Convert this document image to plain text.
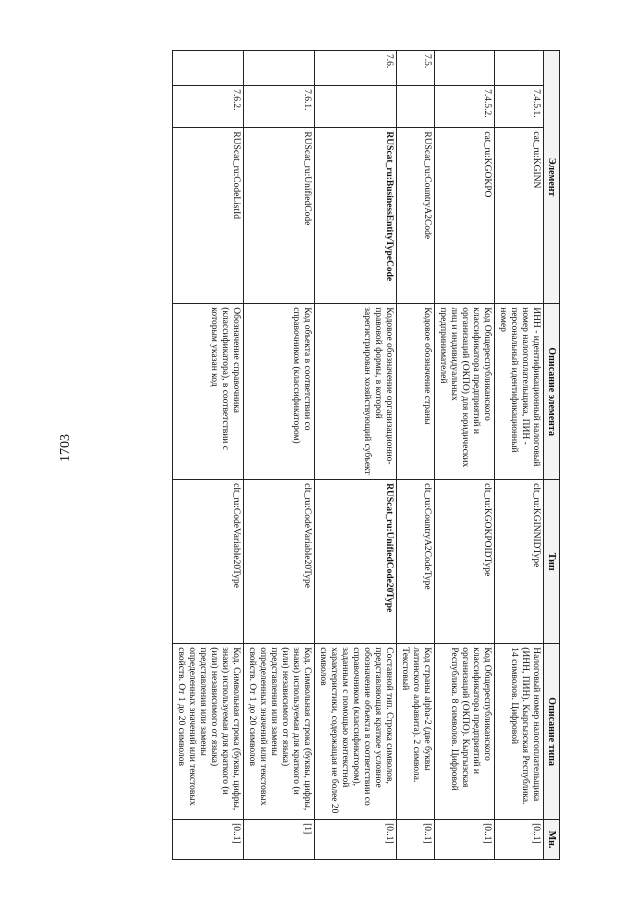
1703
Элемент			Описание элемента	Тип	Описание типа	Мн.
	7.4.5.1.	cat_ru:KGINN	ИНН - идентификационный налоговый номер налогоплательщика, ПИН - персональный идентификационный номер	clt_ru:KGINNIDType	Налоговый номер налогоплательщика (ИНН, ПИН). Кыргызская Республика. 14 символов. Цифровой	[0..1]
	7.4.5.2.	cat_ru:KGOKPO	Код Общереспубликанского классификатора предприятий и организаций (ОКПО) для юридических лиц и индивидуальных предпринимателей	clt_ru:KGOKPOIDType	Код Общереспубликанского классификатора предприятий и организаций (ОКПО). Кыргызская Республика. 8 символов. Цифровой	[0..1]
7.5.		RUScat_ru:CountryA2Code	Кодовое обозначение страны	clt_ru:CountryA2CodeType	Код страны alpha-2 (две буквы латинского алфавита). 2 символа. Текстовый	[0..1]
7.6.		RUScat_ru:BusinessEntityTypeCode	Кодовое обозначение организационно-правовой формы, в которой зарегистрирован хозяйствующий субъект	RUScat_ru:UnifiedCode20Type	Составной тип. Строка символов, представляющая краткое условное обозначение объекта в соответствии со справочником (классификатором), заданным с помощью контекстной характеристики, содержащая не более 20 символов	[0..1]
	7.6.1.	RUScat_ru:UnifiedCode	Код объекта в соответствии со справочником (классификатором)	clt_ru:CodeVariable20Type	Код. Символьная строка (буквы, цифры, знаки) используемая для краткого (и (или) независимого от языка) представления или замены определенных значений или текстовых свойств. От 1 до 20 символов	[1]
	7.6.2.	RUScat_ru:CodeListId	Обозначение справочника (классификатора), в соответствии с которым указан код	clt_ru:CodeVariable20Type	Код. Символьная строка (буквы, цифры, знаки) используемая для краткого (и (или) независимого от языка) представления или замены определенных значений или текстовых свойств. От 1 до 20 символов	[0..1]
